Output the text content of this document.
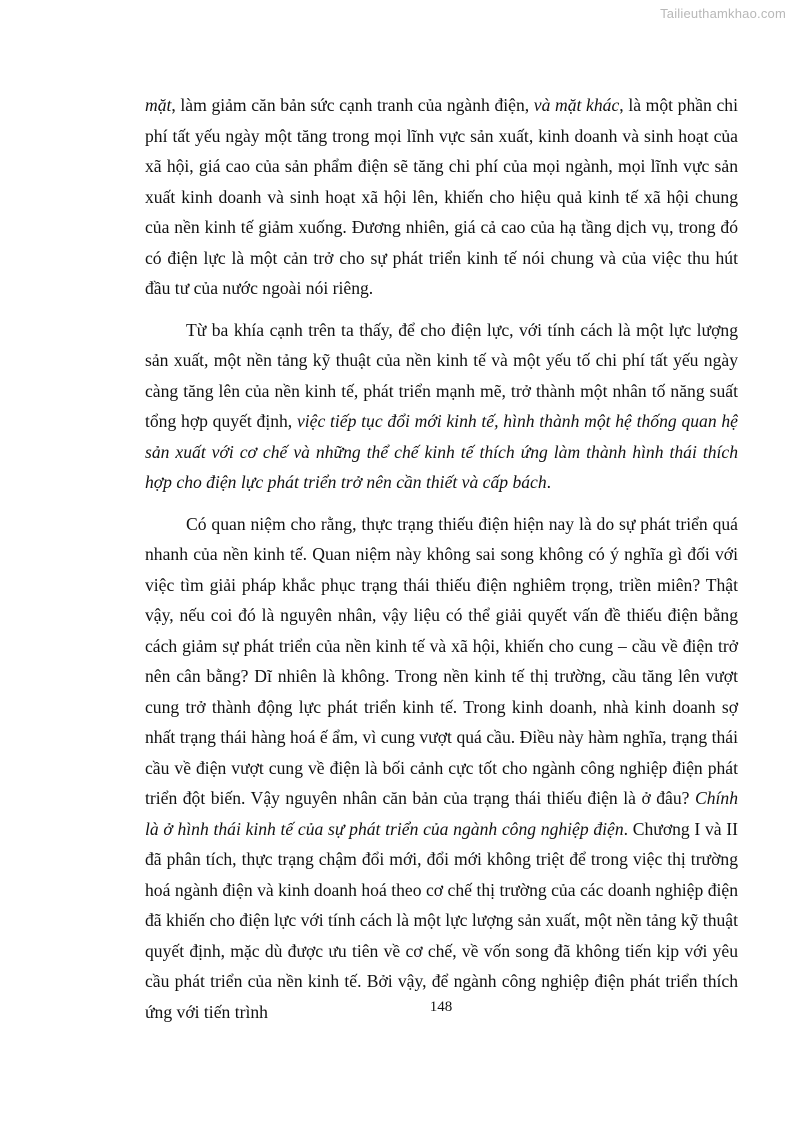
Tailieuthamkhao.com

mặt, làm giảm căn bản sức cạnh tranh của ngành điện, và mặt khác, là một phần chi phí tất yếu ngày một tăng trong mọi lĩnh vực sản xuất, kinh doanh và sinh hoạt của xã hội, giá cao của sản phẩm điện sẽ tăng chi phí của mọi ngành, mọi lĩnh vực sản xuất kinh doanh và sinh hoạt xã hội lên, khiến cho hiệu quả kinh tế xã hội chung của nền kinh tế giảm xuống. Đương nhiên, giá cả cao của hạ tầng dịch vụ, trong đó có điện lực là một cản trở cho sự phát triển kinh tế nói chung và của việc thu hút đầu tư của nước ngoài nói riêng.

Từ ba khía cạnh trên ta thấy, để cho điện lực, với tính cách là một lực lượng sản xuất, một nền tảng kỹ thuật của nền kinh tế và một yếu tố chi phí tất yếu ngày càng tăng lên của nền kinh tế, phát triển mạnh mẽ, trở thành một nhân tố năng suất tổng hợp quyết định, việc tiếp tục đổi mới kinh tế, hình thành một hệ thống quan hệ sản xuất với cơ chế và những thể chế kinh tế thích ứng làm thành hình thái thích hợp cho điện lực phát triển trở nên cần thiết và cấp bách.

Có quan niệm cho rằng, thực trạng thiếu điện hiện nay là do sự phát triển quá nhanh của nền kinh tế. Quan niệm này không sai song không có ý nghĩa gì đối với việc tìm giải pháp khắc phục trạng thái thiếu điện nghiêm trọng, triền miên? Thật vậy, nếu coi đó là nguyên nhân, vậy liệu có thể giải quyết vấn đề thiếu điện bằng cách giảm sự phát triển của nền kinh tế và xã hội, khiến cho cung – cầu về điện trở nên cân bằng? Dĩ nhiên là không. Trong nền kinh tế thị trường, cầu tăng lên vượt cung trở thành động lực phát triển kinh tế. Trong kinh doanh, nhà kinh doanh sợ nhất trạng thái hàng hoá ế ẩm, vì cung vượt quá cầu. Điều này hàm nghĩa, trạng thái cầu về điện vượt cung về điện là bối cảnh cực tốt cho ngành công nghiệp điện phát triển đột biến. Vậy nguyên nhân căn bản của trạng thái thiếu điện là ở đâu? Chính là ở hình thái kinh tế của sự phát triển của ngành công nghiệp điện. Chương I và II đã phân tích, thực trạng chậm đổi mới, đổi mới không triệt để trong việc thị trường hoá ngành điện và kinh doanh hoá theo cơ chế thị trường của các doanh nghiệp điện đã khiến cho điện lực với tính cách là một lực lượng sản xuất, một nền tảng kỹ thuật quyết định, mặc dù được ưu tiên về cơ chế, về vốn song đã không tiến kịp với yêu cầu phát triển của nền kinh tế. Bởi vậy, để ngành công nghiệp điện phát triển thích ứng với tiến trình	148
